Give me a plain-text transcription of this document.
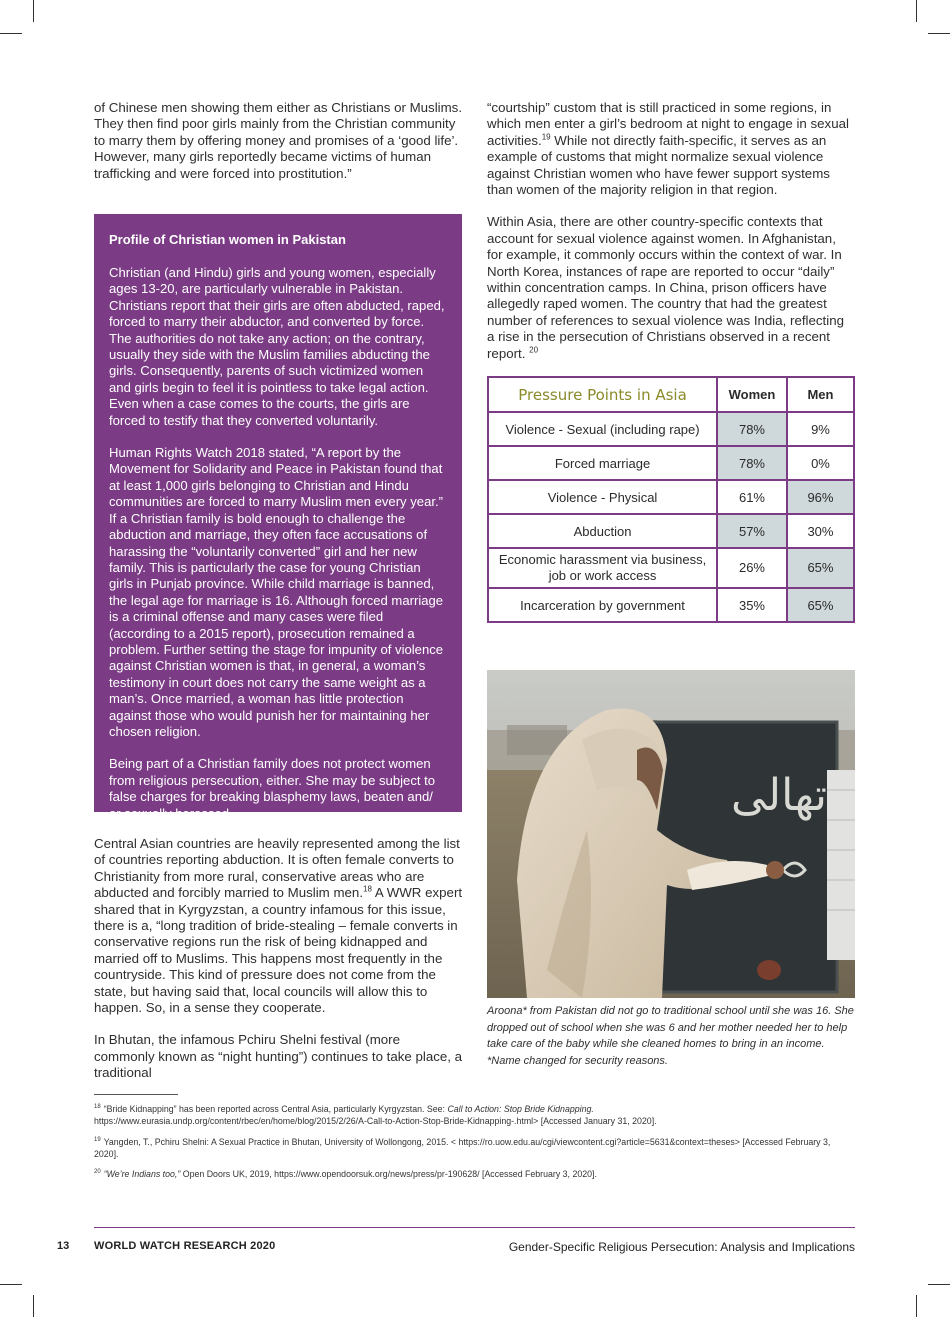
of Chinese men showing them either as Christians or Muslims. They then find poor girls mainly from the Christian community to marry them by offering money and promises of a ‘good life’. However, many girls reportedly became victims of human trafficking and were forced into prostitution.”

Profile of Christian women in Pakistan

Christian (and Hindu) girls and young women, especially ages 13-20, are particularly vulnerable in Pakistan. Christians report that their girls are often abducted, raped, forced to marry their abductor, and converted by force. The authorities do not take any action; on the contrary, usually they side with the Muslim families abducting the girls. Consequently, parents of such victimized women and girls begin to feel it is pointless to take legal action. Even when a case comes to the courts, the girls are forced to testify that they converted voluntarily.

Human Rights Watch 2018 stated, “A report by the Movement for Solidarity and Peace in Pakistan found that at least 1,000 girls belonging to Christian and Hindu communities are forced to marry Muslim men every year.” If a Christian family is bold enough to challenge the abduction and marriage, they often face accusations of harassing the “voluntarily converted” girl and her new family. This is particularly the case for young Christian girls in Punjab province. While child marriage is banned, the legal age for marriage is 16. Although forced marriage is a criminal offense and many cases were filed (according to a 2015 report), prosecution remained a problem. Further setting the stage for impunity of violence against Christian women is that, in general, a woman’s testimony in court does not carry the same weight as a man’s. Once married, a woman has little protection against those who would punish her for maintaining her chosen religion.

Being part of a Christian family does not protect women from religious persecution, either. She may be subject to false charges for breaking blasphemy laws, beaten and/ or sexually harassed.

Central Asian countries are heavily represented among the list of countries reporting abduction. It is often female converts to Christianity from more rural, conservative areas who are abducted and forcibly married to Muslim men.$^{18}$ A WWR expert shared that in Kyrgyzstan, a country infamous for this issue, there is a, “long tradition of bride-stealing – female converts in conservative regions run the risk of being kidnapped and married off to Muslims. This happens most frequently in the countryside. This kind of pressure does not come from the state, but having said that, local councils will allow this to happen. So, in a sense they cooperate.

In Bhutan, the infamous Pchiru Shelni festival (more commonly known as “night hunting”) continues to take place, a traditional

“courtship” custom that is still practiced in some regions, in which men enter a girl’s bedroom at night to engage in sexual activities.$^{19}$ While not directly faith-specific, it serves as an example of customs that might normalize sexual violence against Christian women who have fewer support systems than women of the majority religion in that region.

Within Asia, there are other country-specific contexts that account for sexual violence against women. In Afghanistan, for example, it commonly occurs within the context of war. In North Korea, instances of rape are reported to occur “daily” within concentration camps. In China, prison officers have allegedly raped women. The country that had the greatest number of references to sexual violence was India, reflecting a rise in the persecution of Christians observed in a recent report. $^{20}$

Pressure Points in Asia	Women	Men
Violence - Sexual (including rape)	78%	9%
Forced marriage	78%	0%
Violence - Physical	61%	96%
Abduction	57%	30%
Economic harassment via business, job or work access	26%	65%
Incarceration by government	35%	65%
تھالی

Aroona* from Pakistan did not go to traditional school until she was 16. She dropped out of school when she was 6 and her mother needed her to help take care of the baby while she cleaned homes to bring in an income. *Name changed for security reasons.

$^{18}$ “Bride Kidnapping” has been reported across Central Asia, particularly Kyrgyzstan. See: Call to Action: Stop Bride Kidnapping. https://www.eurasia.undp.org/content/rbec/en/home/blog/2015/2/26/A-Call-to-Action-Stop-Bride-Kidnapping-.html> [Accessed January 31, 2020].

$^{19}$ Yangden, T., Pchiru Shelni: A Sexual Practice in Bhutan, University of Wollongong, 2015. < https://ro.uow.edu.au/cgi/viewcontent.cgi?article=5631&context=theses> [Accessed February 3, 2020].

$^{20}$ “We’re Indians too,” Open Doors UK, 2019, https://www.opendoorsuk.org/news/press/pr-190628/ [Accessed February 3, 2020].

13 WORLD WATCH RESEARCH 2020	Gender-Specific Religious Persecution: Analysis and Implications
